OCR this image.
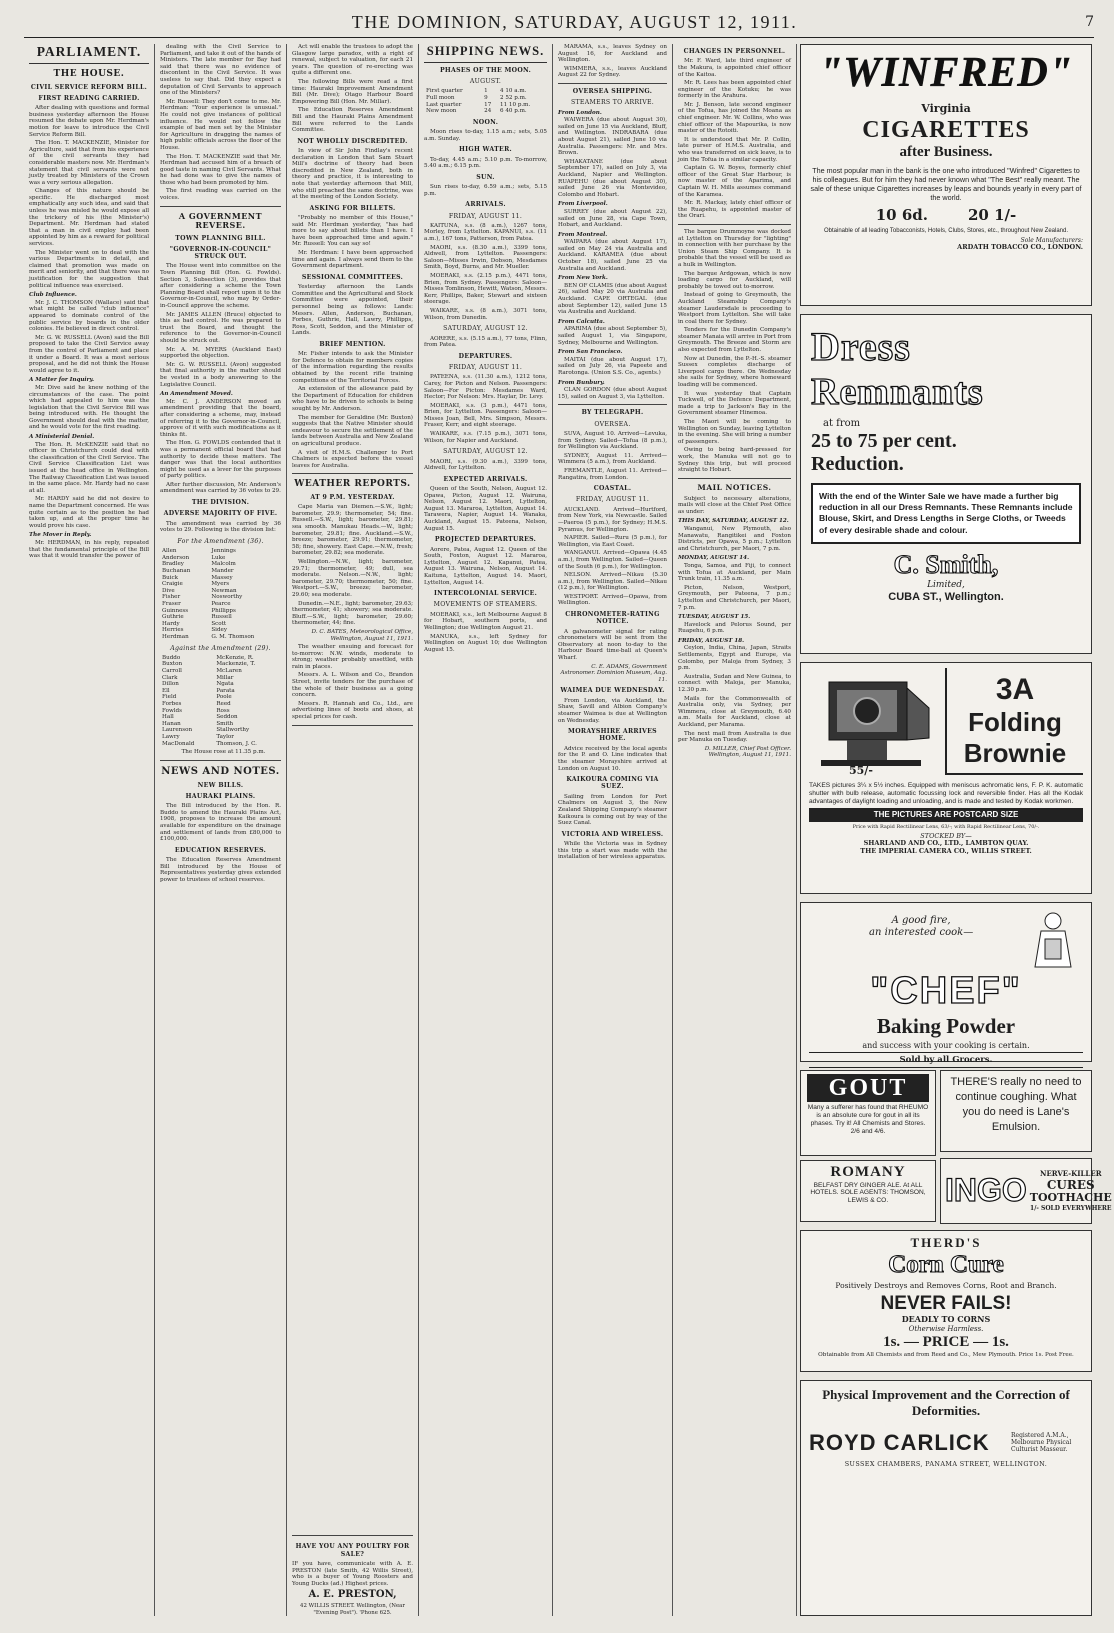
THE DOMINION, SATURDAY, AUGUST 12, 1911.	7
PARLIAMENT.
THE HOUSE.
CIVIL SERVICE REFORM BILL.
FIRST READING CARRIED.

After dealing with questions and formal business yesterday afternoon the House resumed the debate upon Mr. Herdman's motion for leave to introduce the Civil Service Reform Bill.

The Hon. T. MACKENZIE, Minister for Agriculture, said that from his experience of the civil servants they had considerable masters now. Mr. Herdman's statement that civil servants were not justly treated by Ministers of the Crown was a very serious allegation.

Changes of this nature should be specific. He discharged most emphatically any such idea, and said that unless he was misled he would expose all the trickery of his (the Minister's) Department. Mr. Herdman had stated that a man in civil employ had been appointed by him as a reward for political services.

The Minister went on to deal with the various Departments in detail, and claimed that promotion was made on merit and seniority, and that there was no justification for the suggestion that political influence was exercised.

Club Influence.

Mr. J. C. THOMSON (Wallace) said that what might be called "club influence" appeared to dominate control of the public service by boards in the older colonies. He believed in direct control.

Mr. G. W. RUSSELL (Avon) said the Bill proposed to take the Civil Service away from the control of Parliament and place it under a Board. It was a most serious proposal, and he did not think the House would agree to it.

A Matter for Inquiry.

Mr. Dive said he knew nothing of the circumstances of the case. The point which had appealed to him was the legislation that the Civil Service Bill was being introduced with. He thought the Government should deal with the matter, and he would vote for the first reading.

A Ministerial Denial.

The Hon. R. McKENZIE said that no officer in Christchurch could deal with the classification of the Civil Service. The Civil Service Classification List was issued at the head office in Wellington. The Railway Classification List was issued in the same place. Mr. Hardy had no case at all.

Mr. HARDY said he did not desire to name the Department concerned. He was quite certain as to the position he had taken up, and at the proper time he would prove his case.

The Mover in Reply.

Mr. HERDMAN, in his reply, repeated that the fundamental principle of the Bill was that it would transfer the power of

dealing with the Civil Service to Parliament, and take it out of the hands of Ministers. The late member for Bay had said that there was no evidence of discontent in the Civil Service. It was useless to say that. Did they expect a deputation of Civil Servants to approach one of the Ministers?

Mr. Russell: They don't come to me. Mr. Herdman: "Your experience is unusual." He could not give instances of political influence. He would not follow the example of bad men set by the Minister for Agriculture in dragging the names of high public officials across the floor of the House.

The Hon. T. MACKENZIE said that Mr. Herdman had accused him of a breach of good taste in naming Civil Servants. What he had done was to give the names of those who had been promoted by him.

The first reading was carried on the voices.

A GOVERNMENT REVERSE.
TOWN PLANNING BILL.
"GOVERNOR-IN-COUNCIL" STRUCK OUT.

The House went into committee on the Town Planning Bill (Hon. G. Fowlds). Section 3, Subsection (3), provides that after considering a scheme the Town Planning Board shall report upon it to the Governor-in-Council, who may by Order-in-Council approve the scheme.

Mr. JAMES ALLEN (Bruce) objected to this as bad control. He was prepared to trust the Board, and thought the reference to the Governor-in-Council should be struck out.

Mr. A. M. MYERS (Auckland East) supported the objection.

Mr. G. W. RUSSELL (Avon) suggested that final authority in the matter should be vested in a body answering to the Legislative Council.

An Amendment Moved.

Mr. C. J. ANDERSON moved an amendment providing that the board, after considering a scheme, may, instead of referring it to the Governor-in-Council, approve of it with such modifications as it thinks fit.

The Hon. G. FOWLDS contended that it was a permanent official board that had authority to decide these matters. The danger was that the local authorities might be used as a lever for the purposes of party politics.

After further discussion, Mr. Anderson's amendment was carried by 36 votes to 29.

THE DIVISION.
ADVERSE MAJORITY OF FIVE.

The amendment was carried by 36 votes to 29. Following is the division list:

For the Amendment (36).
Allen	Jennings
Anderson	Luke
Bradley	Malcolm
Buchanan	Mander
Buick	Massey
Craigie	Myers
Dive	Newman
Fisher	Nosworthy
Fraser	Pearce
Guinness	Phillipps
Guthrie	Russell
Hardy	Scott
Herries	Sidey
Herdman	G. M. Thomson
Against the Amendment (29).
Buddo	McKenzie, R.
Buxton	Mackenzie, T.
Carroll	McLaren
Clark	Millar
Dillon	Ngata
Ell	Parata
Field	Poole
Forbes	Reed
Fowlds	Ross
Hall	Seddon
Hanan	Smith
Laurenson	Stallworthy
Lawry	Taylor
MacDonald	Thomson, J. C.

The House rose at 11.35 p.m.

NEWS AND NOTES.
NEW BILLS.
HAURAKI PLAINS.

The Bill introduced by the Hon. R. Buddo to amend the Hauraki Plains Act, 1908, proposes to increase the amount available for expenditure on the drainage and settlement of lands from £80,000 to £100,000.

EDUCATION RESERVES.

The Education Reserves Amendment Bill introduced by the House of Representatives yesterday gives extended power to trustees of school reserves.

Act will enable the trustees to adopt the Glasgow large paradox, with a right of renewal, subject to valuation, for each 21 years. The question of re-erecting was quite a different one.

The following Bills were read a first time: Hauraki Improvement Amendment Bill (Mr. Dive); Otago Harbour Board Empowering Bill (Hon. Mr. Millar).

The Education Reserves Amendment Bill and the Hauraki Plains Amendment Bill were referred to the Lands Committee.

NOT WHOLLY DISCREDITED.

In view of Sir John Findlay's recent declaration in London that Sam Stuart Mill's doctrine of theory had been discredited in New Zealand, both in theory and practice, it is interesting to note that yesterday afternoon that Mill, who still preached the same doctrine, was at the meeting of the London Society.

ASKING FOR BILLETS.

"Probably no member of this House," said Mr. Herdman yesterday, "has had more to say about billets than I have. I have been approached time and again." Mr. Russell: You can say so!

Mr. Herdman: I have been approached time and again. I always send them to the Government department.

SESSIONAL COMMITTEES.

Yesterday afternoon the Lands Committee and the Agricultural and Stock Committee were appointed, their personnel being as follows: Lands: Messrs. Allen, Anderson, Buchanan, Forbes, Guthrie, Hall, Lawry, Phillipps, Ross, Scott, Seddon, and the Minister of Lands.

BRIEF MENTION.

Mr. Fisher intends to ask the Minister for Defence to obtain for members copies of the information regarding the results obtained by the recent rifle training competitions of the Territorial Forces.

An extension of the allowance paid by the Department of Education for children who have to be driven to schools is being sought by Mr. Anderson.

The member for Geraldine (Mr. Buxton) suggests that the Native Minister should endeavour to secure the settlement of the lands between Australia and New Zealand on agricultural produce.

A visit of H.M.S. Challenger to Port Chalmers is expected before the vessel leaves for Australia.

WEATHER REPORTS.
AT 9 P.M. YESTERDAY.

Cape Maria van Diemen.—S.W., light; barometer, 29.9; thermometer, 54; fine. Russell.—S.W., light; barometer, 29.81; sea smooth. Manukau Heads.—W., light; barometer, 29.81; fine. Auckland.—S.W., breeze; barometer, 29.91; thermometer, 58; fine, showery. East Cape.—N.W., fresh; barometer, 29.82; sea moderate.

Wellington.—N.W., light; barometer, 29.71; thermometer, 49; dull, sea moderate. Nelson.—N.W., light; barometer, 29.70; thermometer, 50; fine. Westport.—S.W., breeze; barometer, 29.60; sea moderate.

Dunedin.—N.E., light; barometer, 29.63; thermometer, 41; showery; sea moderate. Bluff.—S.W., light; barometer, 29.60; thermometer, 44; fine.

D. C. BATES, Meteorological Office, Wellington, August 11, 1911.

The weather ensuing and forecast for to-morrow: N.W. winds, moderate to strong; weather probably unsettled, with rain in places.

Messrs. A. L. Wilson and Co., Brandon Street, invite tenders for the purchase of the whole of their business as a going concern.

Messrs. R. Hannah and Co., Ltd., are advertising lines of boots and shoes, at special prices for cash.

HAVE YOU ANY POULTRY FOR SALE?

IF you have, communicate with A. E. PRESTON (late Smith, 42 Willis Street), who is a buyer of Young Roosters and Young Ducks (ad.) Highest prices.

A. E. PRESTON,
42 WILLIS STREET. Wellington, (Near "Evening Post"). 'Phone 625.
SHIPPING NEWS.
PHASES OF THE MOON.
AUGUST.
First quarter	1	4 10 a.m.
Full moon	9	2 52 p.m.
Last quarter	17	11 10 p.m.
New moon	24	6 40 p.m.
NOON.

Moon rises to-day, 1.15 a.m.; sets, 5.05 a.m. Sunday.

HIGH WATER.

To-day, 4.45 a.m.; 5.10 p.m. To-morrow, 5.40 a.m.; 6.15 p.m.

SUN.

Sun rises to-day, 6.59 a.m.; sets, 5.15 p.m.

ARRIVALS.
FRIDAY, AUGUST 11.

KAITUNA, s.s. (8 a.m.), 1267 tons, Morley, from Lyttelton. KAPANUI, s.s. (11 a.m.), 167 tons, Patterson, from Patea.

MAORI, s.s. (8.30 a.m.), 3399 tons, Aldwell, from Lyttelton. Passengers: Saloon—Misses Irwin, Dobson, Mesdames Smith, Boyd, Burns, and Mr. Mueller.

MOERAKI, s.s. (2.15 p.m.), 4471 tons, Brien, from Sydney. Passengers: Saloon—Misses Tomlinson, Hewitt, Watson, Messrs. Kerr, Phillips, Baker, Stewart and sixteen steerage.

WAIKARE, s.s. (8 a.m.), 3071 tons, Wilson, from Dunedin.

SATURDAY, AUGUST 12.

AORERE, s.s. (5.15 a.m.), 77 tons, Flinn, from Patea.

DEPARTURES.
FRIDAY, AUGUST 11.

PATEENA, s.s. (11.30 a.m.), 1212 tons, Carey, for Picton and Nelson. Passengers: Saloon—For Picton: Mesdames Ward, Hector; For Nelson: Mrs. Haylar, Dr. Levy.

MOERAKI, s.s. (3 p.m.), 4471 tons, Brien, for Lyttelton. Passengers: Saloon—Misses Joan, Bell, Mrs. Simpson, Messrs. Fraser, Kerr, and eight steerage.

WAIKARE, s.s. (7.15 p.m.), 3071 tons, Wilson, for Napier and Auckland.

SATURDAY, AUGUST 12.

MAORI, s.s. (9.30 a.m.), 3399 tons, Aldwell, for Lyttelton.

EXPECTED ARRIVALS.

Queen of the South, Nelson, August 12. Opawa, Picton, August 12. Wairuna, Nelson, August 12. Maori, Lyttelton, August 13. Mararoa, Lyttelton, August 14. Tarawera, Napier, August 14. Wanaka, Auckland, August 15. Pateena, Nelson, August 15.

PROJECTED DEPARTURES.

Aorere, Patea, August 12. Queen of the South, Foxton, August 12. Mararoa, Lyttelton, August 12. Kapanui, Patea, August 13. Wairuna, Nelson, August 14. Kaituna, Lyttelton, August 14. Maori, Lyttelton, August 14.

INTERCOLONIAL SERVICE.
MOVEMENTS OF STEAMERS.

MOERAKI, s.s., left Melbourne August 8 for Hobart, southern ports, and Wellington; due Wellington August 21.

MANUKA, s.s., left Sydney for Wellington on August 10; due Wellington August 15.

MARAMA, s.s., leaves Sydney on August 16, for Auckland and Wellington.

WIMMERA, s.s., leaves Auckland August 22 for Sydney.

OVERSEA SHIPPING.
STEAMERS TO ARRIVE.
From London.

WAIWERA (due about August 30), sailed on June 15 via Auckland, Bluff, and Wellington. INDRABARA (due about August 21), sailed June 10 via Australia. Passengers: Mr. and Mrs. Brown.

WHAKATANE (due about September 17), sailed on July 3, via Auckland, Napier and Wellington. RUAPEHU (due about August 30), sailed June 26 via Montevideo, Colombo and Hobart.

From Liverpool.

SURREY (due about August 22), sailed on June 28, via Cape Town, Hobart, and Auckland.

From Montreal.

WAIPARA (due about August 17), sailed on May 24 via Australia and Auckland. KARAMEA (due about October 18), sailed June 25 via Australia and Auckland.

From New York.

BEN OF CLAMIS (due about August 26), sailed May 20 via Australia and Auckland. CAPE ORTEGAL (due about September 12), sailed June 15 via Australia and Auckland.

From Calcutta.

APARIMA (due about September 5), sailed August 1, via Singapore, Sydney, Melbourne and Wellington.

From San Francisco.

MAITAI (due about August 17), sailed on July 26, via Papeete and Rarotonga. (Union S.S. Co., agents.)

From Bunbury.

CLAN GORDON (due about August 15), sailed on August 3, via Lyttelton.

BY TELEGRAPH.
OVERSEA.

SUVA, August 10. Arrived—Levuka, from Sydney. Sailed—Tofua (8 p.m.), for Wellington via Auckland.

SYDNEY, August 11. Arrived—Wimmera (5 a.m.), from Auckland.

FREMANTLE, August 11. Arrived—Rangatira, from London.

COASTAL.
FRIDAY, AUGUST 11.

AUCKLAND. Arrived—Hurtford, from New York, via Newcastle. Sailed—Paeroa (5 p.m.), for Sydney; H.M.S. Pyramus, for Wellington.

NAPIER. Sailed—Ruru (5 p.m.), for Wellington, via East Coast.

WANGANUI. Arrived—Opawa (4.45 a.m.), from Wellington. Sailed—Queen of the South (6 p.m.), for Wellington.

NELSON. Arrived—Nikau (5.30 a.m.), from Wellington. Sailed—Nikau (12 p.m.), for Wellington.

WESTPORT. Arrived—Opawa, from Wellington.

CHRONOMETER-RATING NOTICE.

A galvanometer signal for rating chronometers will be sent from the Observatory at noon to-day to the Harbour Board time-ball at Queen's Wharf.

C. E. ADAMS, Government Astronomer. Dominion Museum, Aug. 11.

WAIMEA DUE WEDNESDAY.

From London, via Auckland, the Shaw, Savill and Albion Company's steamer Waimea is due at Wellington on Wednesday.

MORAYSHIRE ARRIVES HOME.

Advice received by the local agents for the P. and O. Line indicates that the steamer Morayshire arrived at London on August 10.

KAIKOURA COMING VIA SUEZ.

Sailing from London for Port Chalmers on August 3, the New Zealand Shipping Company's steamer Kaikoura is coming out by way of the Suez Canal.

VICTORIA AND WIRELESS.

While the Victoria was in Sydney this trip a start was made with the installation of her wireless apparatus.

CHANGES IN PERSONNEL.

Mr. F. Ward, late third engineer of the Makura, is appointed chief officer of the Kaitoa.

Mr. R. Lees has been appointed chief engineer of the Kotuku; he was formerly in the Arahura.

Mr. J. Benson, late second engineer of the Tofua, has joined the Moana as chief engineer. Mr. W. Collins, who was chief officer of the Mapourika, is now master of the Rotoiti.

It is understood that Mr. P. Collin, late purser of H.M.S. Australia, and who was transferred on sick leave, is to join the Tofua in a similar capacity.

Captain G. W. Boyes, formerly chief officer of the Great Star Harbour, is now master of the Aparima, and Captain W. H. Mills assumes command of the Karamea.

Mr. R. Mackay, lately chief officer of the Ruapehu, is appointed master of the Orari.

The barque Drummoyne was docked at Lyttelton on Thursday for "lighting" in connection with her purchase by the Union Steam Ship Company. It is probable that the vessel will be used as a hulk in Wellington.

The barque Ardgowan, which is now loading cargo for Auckland, will probably be towed out to-morrow.

Instead of going to Greymouth, the Auckland Steamship Company's steamer Laudersdale is proceeding to Westport from Lyttelton. She will take in coal there for Sydney.

Tenders for the Dunedin Company's steamer Manaia will arrive in Port from Greymouth. The Breeze and Storm are also expected from Lyttelton.

Now at Dunedin, the P.-H.-S. steamer Sussex completes discharge of Liverpool cargo there. On Wednesday she sails for Sydney, where homeward loading will be commenced.

It was yesterday that Captain Tuckwell, of the Defence Department, made a trip to Jackson's Bay in the Government steamer Hinemoa.

The Maori will be coming to Wellington on Sunday, leaving Lyttelton in the evening. She will bring a number of passengers.

Owing to being hard-pressed for work, the Manuka will not go to Sydney this trip, but will proceed straight to Hobart.

MAIL NOTICES.

Subject to necessary alterations, mails will close at the Chief Post Office as under:

THIS DAY, SATURDAY, AUGUST 12.

Wanganui, New Plymouth, also Manawatu, Rangitikei and Foxton Districts, per Opawa, 5 p.m.; Lyttelton and Christchurch, per Maori, 7 p.m.

MONDAY, AUGUST 14.

Tonga, Samoa, and Fiji, to connect with Tofua at Auckland, per Main Trunk train, 11.35 a.m.

Picton, Nelson, Westport, Greymouth, per Pateena, 7 p.m.; Lyttelton and Christchurch, per Maori, 7 p.m.

TUESDAY, AUGUST 15.

Havelock and Pelorus Sound, per Ruapehu, 6 p.m.

FRIDAY, AUGUST 18.

Ceylon, India, China, Japan, Straits Settlements, Egypt and Europe, via Colombo, per Maloja from Sydney, 3 p.m.

Australia, Sudan and New Guinea, to connect with Maloja, per Manuka, 12.30 p.m.

Mails for the Commonwealth of Australia only, via Sydney, per Wimmera, close at Greymouth, 6.40 a.m. Mails for Auckland, close at Auckland, per Marama.

The next mail from Australia is due per Manuka on Tuesday.

D. MILLER, Chief Post Officer. Wellington, August 11, 1911.

"WINFRED"
Virginia
CIGARETTES
after Business.

The most popular man in the bank is the one who introduced "Winfred" Cigarettes to his colleagues. But for him they had never known what "The Best" really meant. The sale of these unique Cigarettes increases by leaps and bounds yearly in every part of the world.

10 6d.	20 1/-
Obtainable of all leading Tobacconists, Hotels, Clubs, Stores, etc., throughout New Zealand.
Sole Manufacturers:
ARDATH TOBACCO CO., LONDON.
Dress
Remnants
at from
25 to 75 per cent.
Reduction.

With the end of the Winter Sale we have made a further big reduction in all our Dress Remnants. These Remnants include Blouse, Skirt, and Dress Lengths in Serge Cloths, or Tweeds of every desirable shade and colour.

C. Smith,
Limited,
CUBA ST., Wellington.
55/-
3A
Folding
Brownie

TAKES pictures 3¼ x 5½ inches. Equipped with meniscus achromatic lens, F. P. K. automatic shutter with bulb release, automatic focussing lock and reversible finder. Has all the Kodak advantages of daylight loading and unloading, and is made and tested by Kodak workmen.

THE PICTURES ARE POSTCARD SIZE
Price with Rapid Rectilinear Lens, 63/-; with Rapid Rectilinear Lens, 70/-.
STOCKED BY—
SHARLAND AND CO., LTD., LAMBTON QUAY.
THE IMPERIAL CAMERA CO., WILLIS STREET.
A good fire,
an interested cook—
"CHEF"
Baking Powder
and success with your cooking is certain.
Sold by all Grocers.

THERE'S really no need to continue coughing. What you do need is Lane's Emulsion.

GOUT

Many a sufferer has found that RHEUMO is an absolute cure for gout in all its phases. Try it! All Chemists and Stores. 2/6 and 4/6.

ROMANY

BELFAST DRY GINGER ALE. At ALL HOTELS. SOLE AGENTS: THOMSON, LEWIS & CO.	INGO	NERVE-KILLER
CURES
TOOTHACHE
1/- SOLD EVERYWHERE
THERD'S
Corn Cure
Positively Destroys and Removes Corns, Root and Branch.
NEVER FAILS!
DEADLY TO CORNS
Otherwise Harmless.
1s. — PRICE — 1s.
Obtainable from All Chemists and from Reed and Co., Mew Plymouth. Price 1s. Post Free.
Physical Improvement and the Correction of Deformities.
ROYD CARLICK	Registered A.M.A., Melbourne Physical Culturist Masseur.
SUSSEX CHAMBERS, PANAMA STREET, WELLINGTON.
